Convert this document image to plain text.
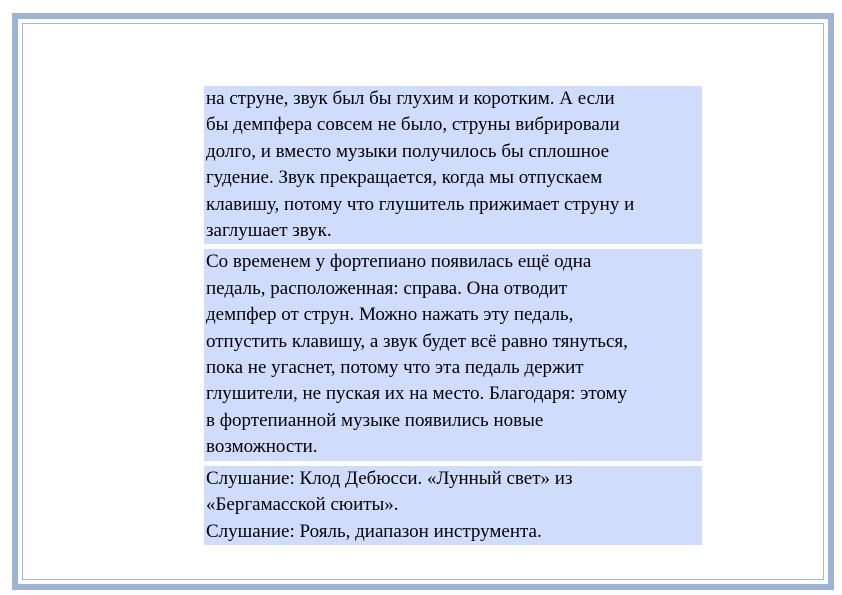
на струне, звук был бы глухим и коротким. А если
бы демпфера совсем не было, струны вибрировали
долго, и вместо музыки получилось бы сплошное
гудение. Звук прекращается, когда мы отпускаем
клавишу, потому что глушитель прижимает струну и
заглушает звук.
Со временем у фортепиано появилась ещё одна
педаль, расположенная: справа. Она отводит
демпфер от струн. Можно нажать эту педаль,
отпустить клавишу, а звук будет всё равно тянуться,
пока не угаснет, потому что эта педаль держит
глушители, не пуская их на место. Благодаря: этому
в фортепианной музыке появились новые
возможности.
Слушание: Клод Дебюсси. «Лунный свет» из
«Бергамасской сюиты».
Слушание: Рояль, диапазон инструмента.
